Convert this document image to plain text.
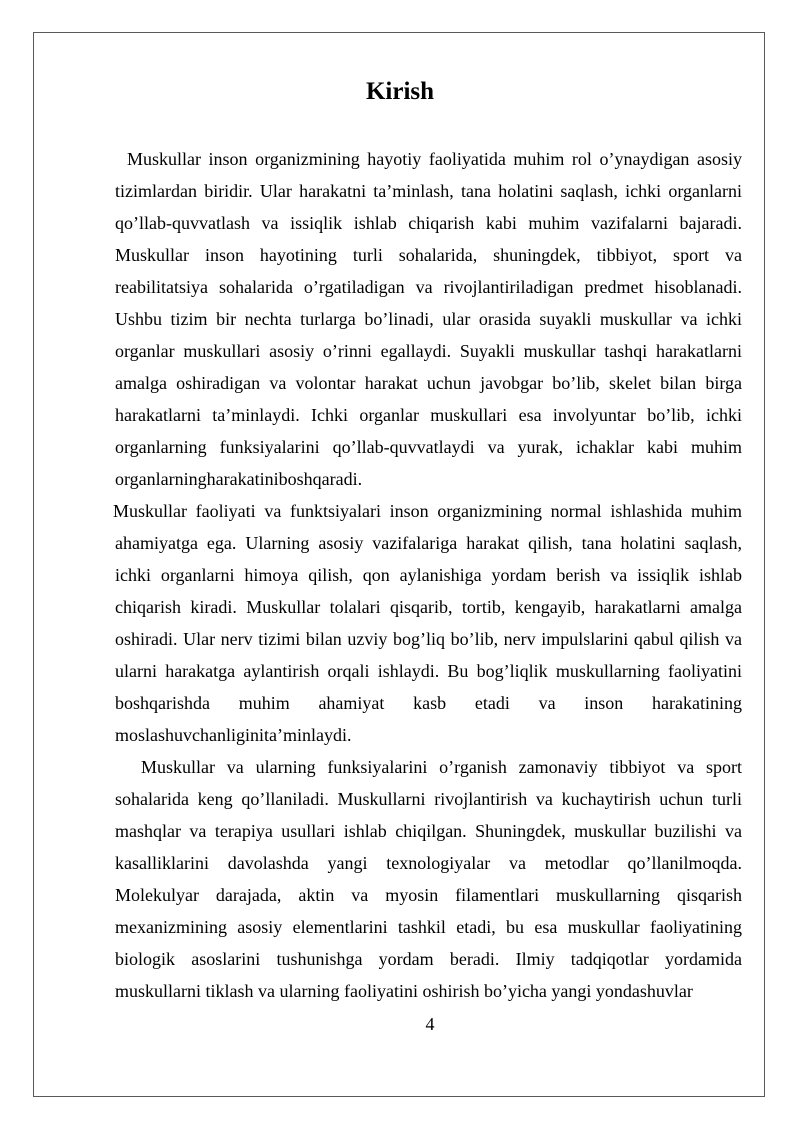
Kirish

Muskullar inson organizmining hayotiy faoliyatida muhim rol o’ynaydigan asosiy tizimlardan biridir. Ular harakatni ta’minlash, tana holatini saqlash, ichki organlarni qo’llab-quvvatlash va issiqlik ishlab chiqarish kabi muhim vazifalarni bajaradi. Muskullar inson hayotining turli sohalarida, shuningdek, tibbiyot, sport va reabilitatsiya sohalarida o’rgatiladigan va rivojlantiriladigan predmet hisoblanadi. Ushbu tizim bir nechta turlarga bo’linadi, ular orasida suyakli muskullar va ichki organlar muskullari asosiy o’rinni egallaydi. Suyakli muskullar tashqi harakatlarni amalga oshiradigan va volontar harakat uchun javobgar bo’lib, skelet bilan birga harakatlarni ta’minlaydi. Ichki organlar muskullari esa involyuntar bo’lib, ichki organlarning funksiyalarini qo’llab-quvvatlaydi va yurak, ichaklar kabi muhim organlarningharakatiniboshqaradi.

Muskullar faoliyati va funktsiyalari inson organizmining normal ishlashida muhim ahamiyatga ega. Ularning asosiy vazifalariga harakat qilish, tana holatini saqlash, ichki organlarni himoya qilish, qon aylanishiga yordam berish va issiqlik ishlab chiqarish kiradi. Muskullar tolalari qisqarib, tortib, kengayib, harakatlarni amalga oshiradi. Ular nerv tizimi bilan uzviy bog’liq bo’lib, nerv impulslarini qabul qilish va ularni harakatga aylantirish orqali ishlaydi. Bu bog’liqlik muskullarning faoliyatini boshqarishda muhim ahamiyat kasb etadi va inson harakatining moslashuvchanliginita’minlaydi.

Muskullar va ularning funksiyalarini o’rganish zamonaviy tibbiyot va sport sohalarida keng qo’llaniladi. Muskullarni rivojlantirish va kuchaytirish uchun turli mashqlar va terapiya usullari ishlab chiqilgan. Shuningdek, muskullar buzilishi va kasalliklarini davolashda yangi texnologiyalar va metodlar qo’llanilmoqda. Molekulyar darajada, aktin va myosin filamentlari muskullarning qisqarish mexanizmining asosiy elementlarini tashkil etadi, bu esa muskullar faoliyatining biologik asoslarini tushunishga yordam beradi. Ilmiy tadqiqotlar yordamida muskullarni tiklash va ularning faoliyatini oshirish bo’yicha yangi yondashuvlar

4
